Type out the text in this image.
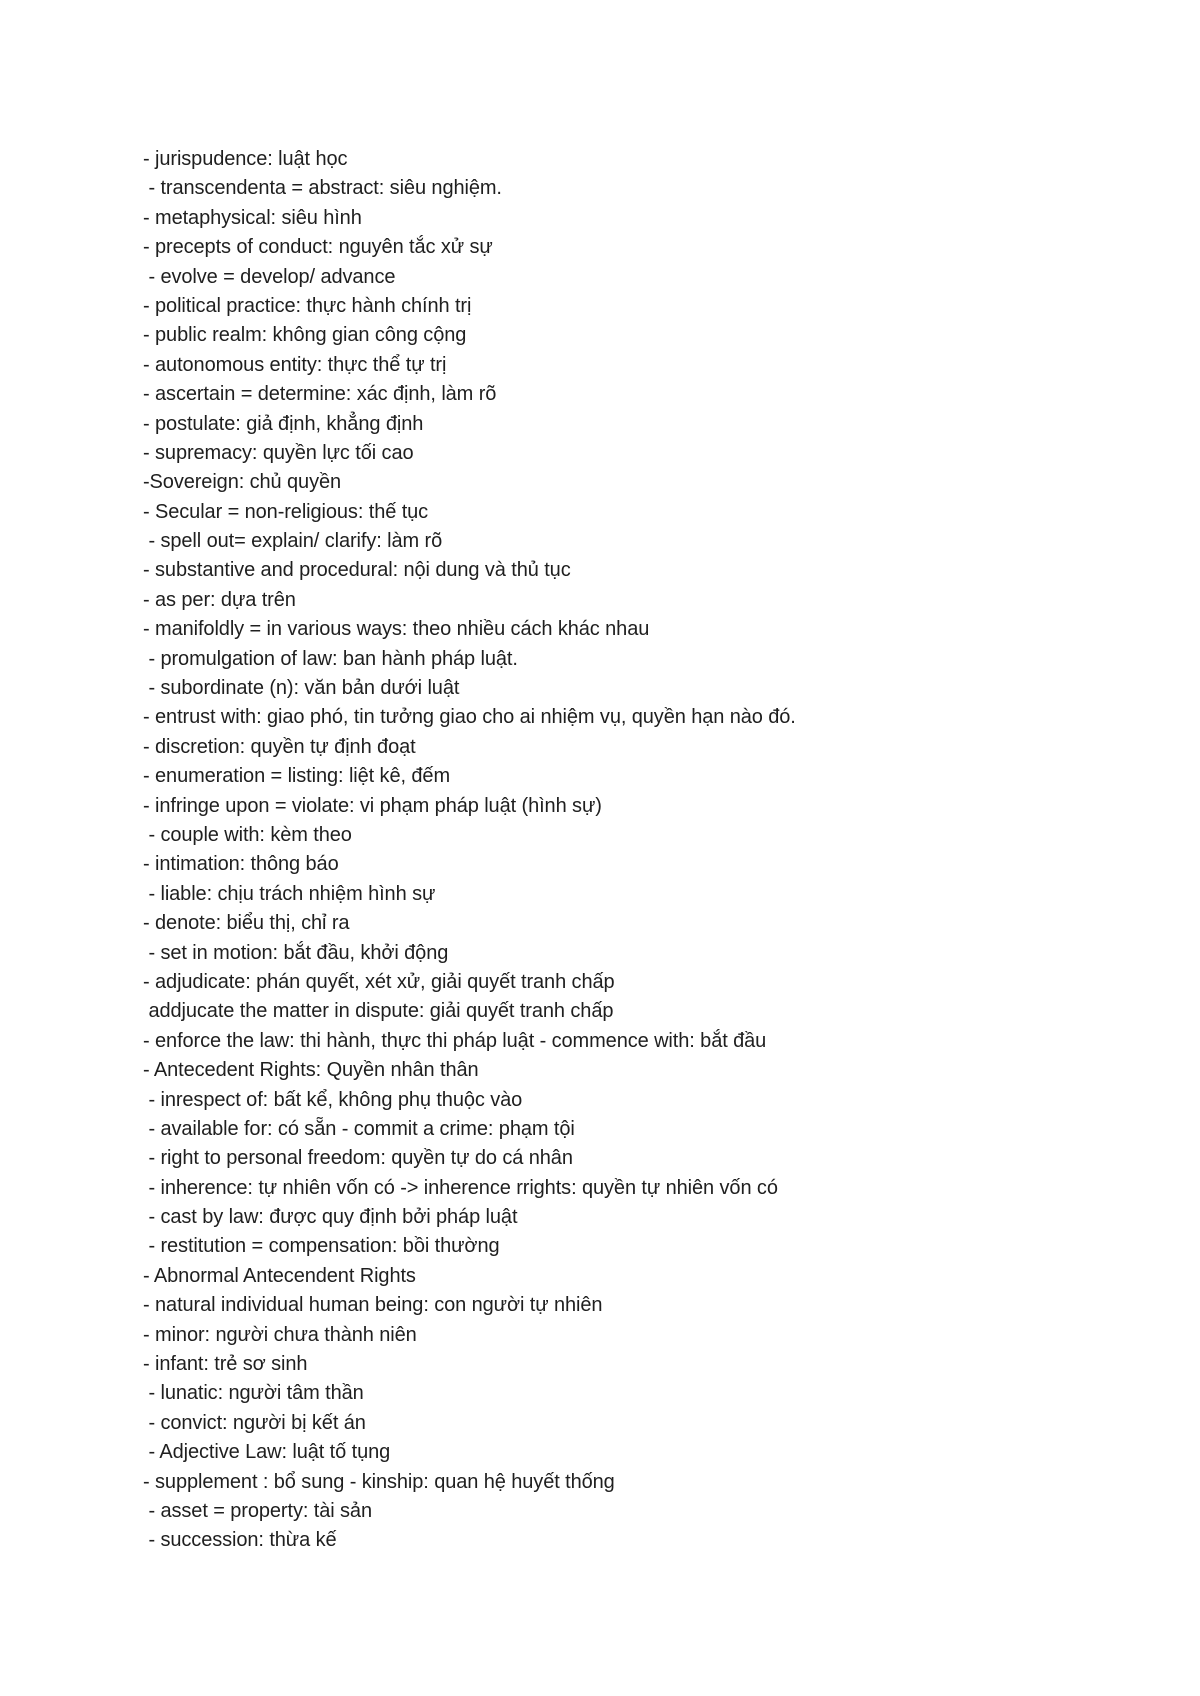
- jurispudence: luật học
- transcendenta = abstract: siêu nghiệm.
- metaphysical: siêu hình
- precepts of conduct: nguyên tắc xử sự
- evolve = develop/ advance
- political practice: thực hành chính trị
- public realm: không gian công cộng
- autonomous entity: thực thể tự trị
- ascertain = determine: xác định, làm rõ
- postulate: giả định, khẳng định
- supremacy: quyền lực tối cao
-Sovereign: chủ quyền
- Secular = non-religious: thế tục
- spell out= explain/ clarify: làm rõ
- substantive and procedural: nội dung và thủ tục
- as per: dựa trên
- manifoldly = in various ways: theo nhiều cách khác nhau
- promulgation of law: ban hành pháp luật.
- subordinate (n): văn bản dưới luật
- entrust with: giao phó, tin tưởng giao cho ai nhiệm vụ, quyền hạn nào đó.
- discretion: quyền tự định đoạt
- enumeration = listing: liệt kê, đếm
- infringe upon = violate: vi phạm pháp luật (hình sự)
- couple with: kèm theo
- intimation: thông báo
- liable: chịu trách nhiệm hình sự
- denote: biểu thị, chỉ ra
- set in motion: bắt đầu, khởi động
- adjudicate: phán quyết, xét xử, giải quyết tranh chấp
addjucate the matter in dispute: giải quyết tranh chấp
- enforce the law: thi hành, thực thi pháp luật - commence with: bắt đầu
- Antecedent Rights: Quyền nhân thân
- inrespect of: bất kể, không phụ thuộc vào
- available for: có sẵn - commit a crime: phạm tội
- right to personal freedom: quyền tự do cá nhân
- inherence: tự nhiên vốn có -> inherence rrights: quyền tự nhiên vốn có
- cast by law: được quy định bởi pháp luật
- restitution = compensation: bồi thường
- Abnormal Antecendent Rights
- natural individual human being: con người tự nhiên
- minor: người chưa thành niên
- infant: trẻ sơ sinh
- lunatic: người tâm thần
- convict: người bị kết án
- Adjective Law: luật tố tụng
- supplement : bổ sung - kinship: quan hệ huyết thống
- asset = property: tài sản
- succession: thừa kế
